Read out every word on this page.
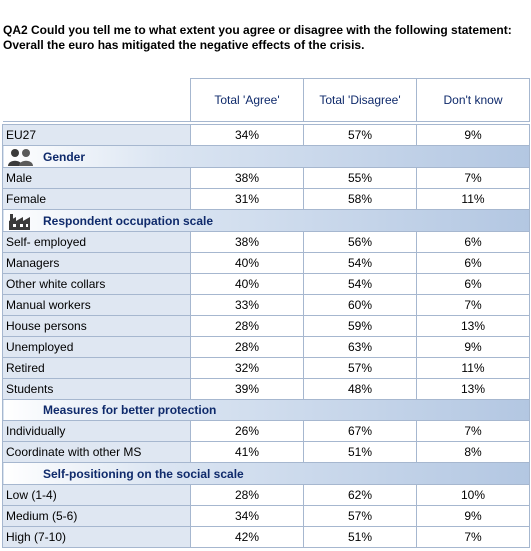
QA2 Could you tell me to what extent you agree or disagree with the following statement:
Overall the euro has mitigated the negative effects of the crisis.
	Total 'Agree'	Total 'Disagree'	Don't know

EU27	34%	57%	9%
Gender			
Male	38%	55%	7%
Female	31%	58%	11%
Respondent occupation scale			
Self- employed	38%	56%	6%
Managers	40%	54%	6%
Other white collars	40%	54%	6%
Manual workers	33%	60%	7%
House persons	28%	59%	13%
Unemployed	28%	63%	9%
Retired	32%	57%	11%
Students	39%	48%	13%
Measures for better protection			
Individually	26%	67%	7%
Coordinate with other MS	41%	51%	8%
Self-positioning on the social scale			
Low (1-4)	28%	62%	10%
Medium (5-6)	34%	57%	9%
High (7-10)	42%	51%	7%
